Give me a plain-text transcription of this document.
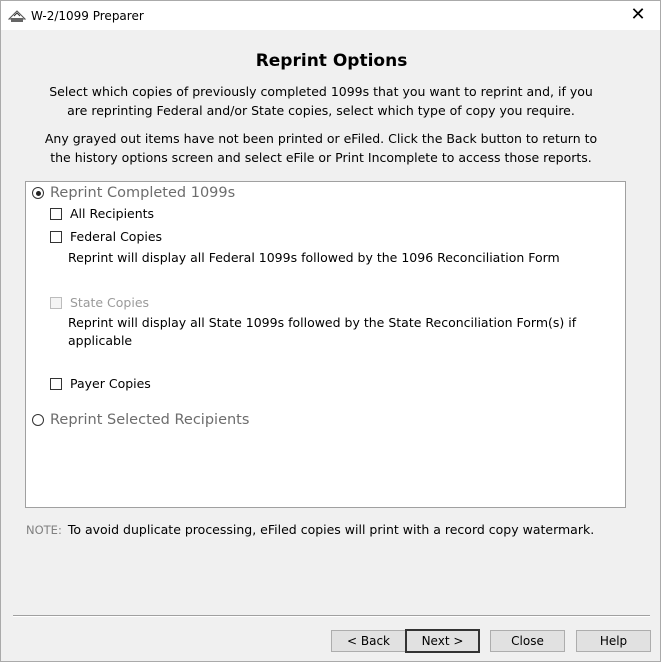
W-2/1099 Preparer	✕
Reprint Options
Select which copies of previously completed 1099s that you want to reprint and, if you
are reprinting Federal and/or State copies, select which type of copy you require.
Any grayed out items have not been printed or eFiled. Click the Back button to return to
the history options screen and select eFile or Print Incomplete to access those reports.
Reprint Completed 1099s
All Recipients
Federal Copies
Reprint will display all Federal 1099s followed by the 1096 Reconciliation Form
State Copies
Reprint will display all State 1099s followed by the State Reconciliation Form(s) if
applicable
Payer Copies
Reprint Selected Recipients
NOTE: To avoid duplicate processing, eFiled copies will print with a record copy watermark.
< Back	Next >	Close	Help
